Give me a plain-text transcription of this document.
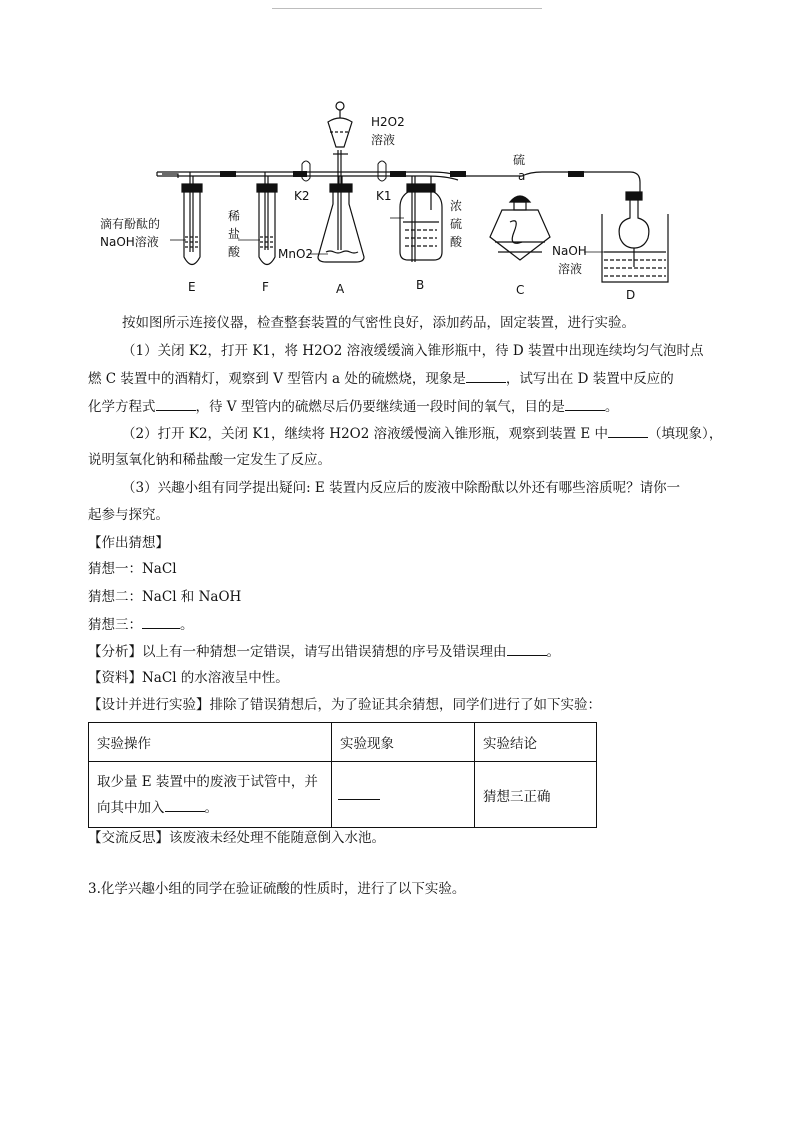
H2O2
溶液
硫
a
K2	K1
滴有酚酞的
NaOH溶液
稀
盐
酸	MnO2
浓
硫
酸
NaOH
溶液
E	F	A	B	C	D
按如图所示连接仪器，检查整套装置的气密性良好，添加药品，固定装置，进行实验。
（1）关闭 K2，打开 K1，将 H2O2 溶液缓缓滴入锥形瓶中，待 D 装置中出现连续均匀气泡时点
燃 C 装置中的酒精灯，观察到 V 型管内 a 处的硫燃烧，现象是	，试写出在 D 装置中反应的
化学方程式	，待 V 型管内的硫燃尽后仍要继续通一段时间的氧气，目的是	。
（2）打开 K2，关闭 K1，继续将 H2O2 溶液缓慢滴入锥形瓶，观察到装置 E 中	（填现象），
说明氢氧化钠和稀盐酸一定发生了反应。
（3）兴趣小组有同学提出疑问: E 装置内反应后的废液中除酚酞以外还有哪些溶质呢？请你一
起参与探究。
【作出猜想】
猜想一：NaCl
猜想二：NaCl 和 NaOH
猜想三：	。
【分析】以上有一种猜想一定错误，请写出错误猜想的序号及错误理由	。
【资料】NaCl 的水溶液呈中性。
【设计并进行实验】排除了错误猜想后，为了验证其余猜想，同学们进行了如下实验：
实验操作	实验现象	实验结论

取少量 E 装置中的废液于试管中，并
向其中加入 。		猜想三正确
【交流反思】该废液未经处理不能随意倒入水池。
3.化学兴趣小组的同学在验证硫酸的性质时，进行了以下实验。
